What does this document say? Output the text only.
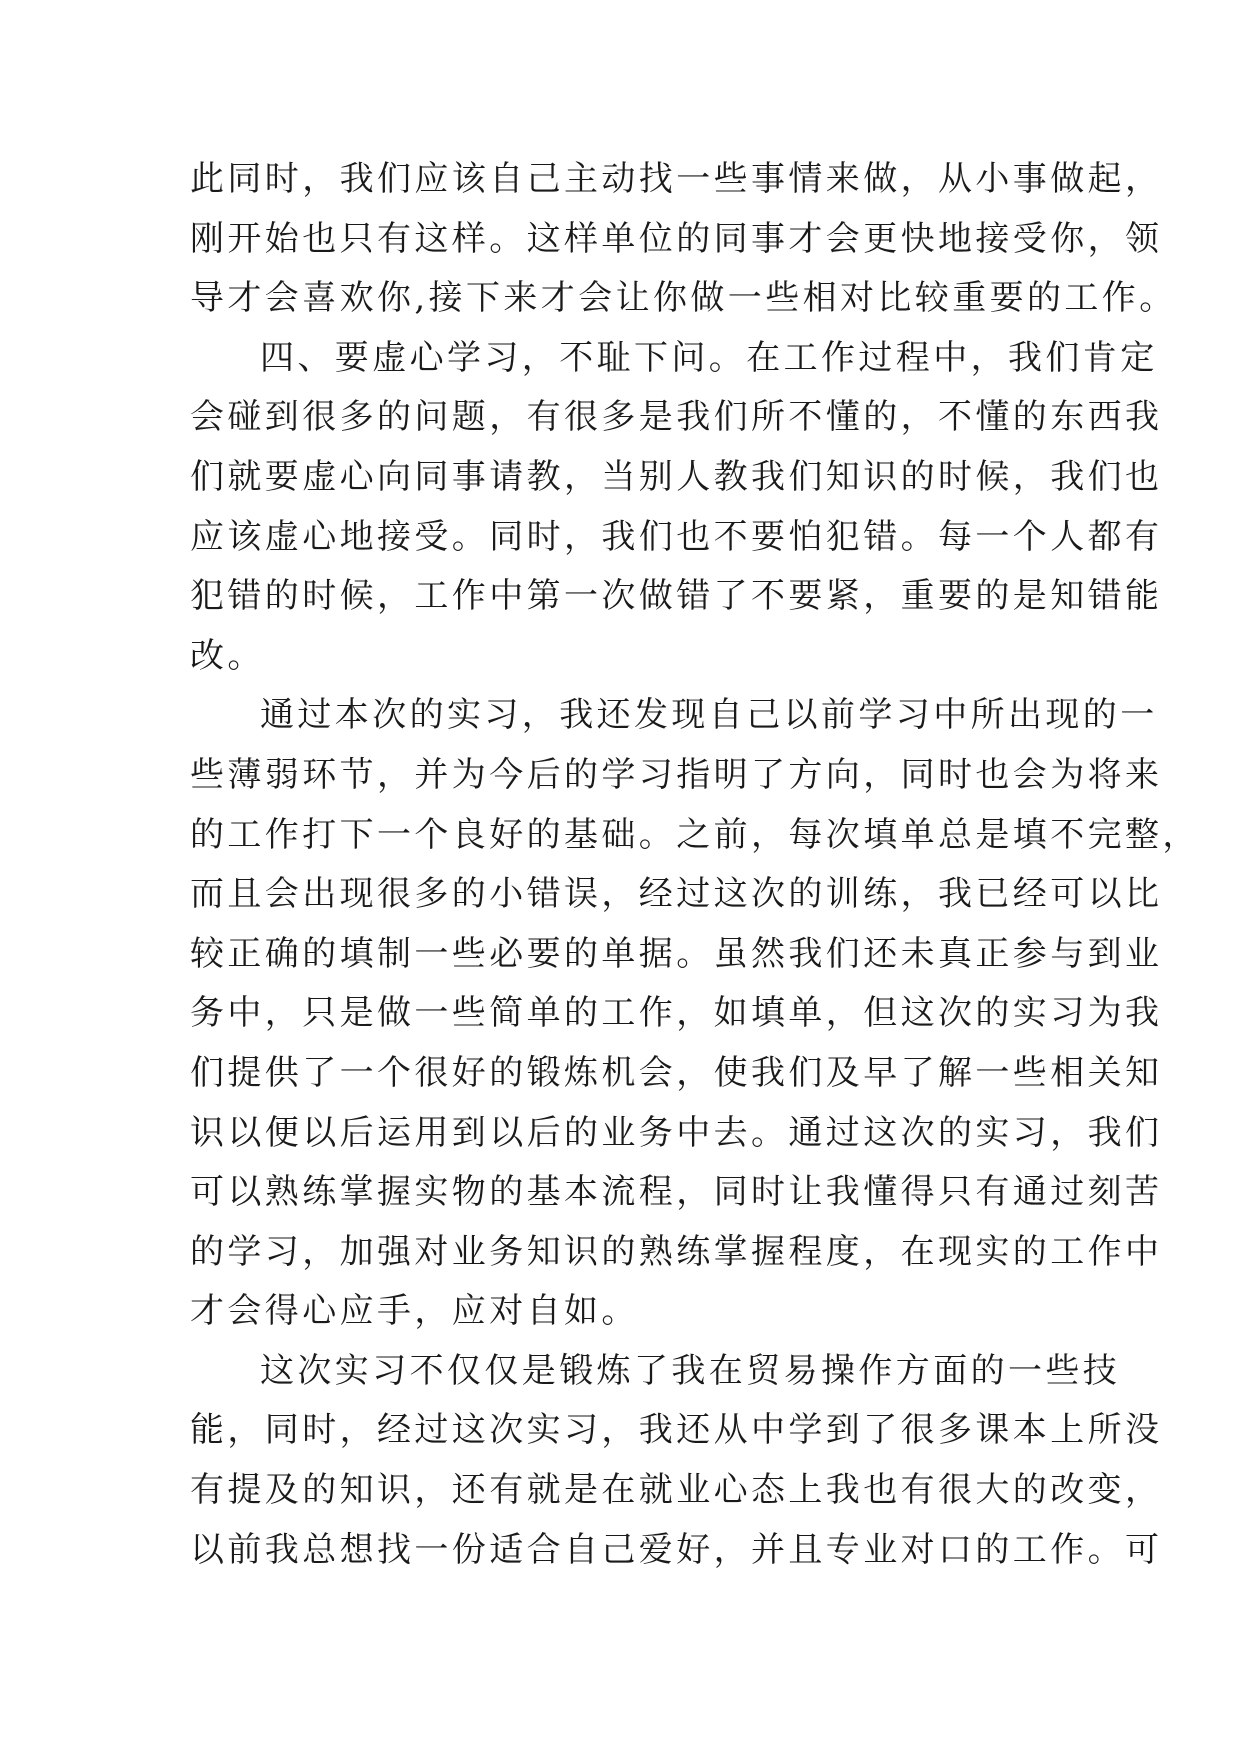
此同时，我们应该自己主动找一些事情来做，从小事做起，
刚开始也只有这样。这样单位的同事才会更快地接受你，领
导才会喜欢你,接下来才会让你做一些相对比较重要的工作。
四、要虚心学习，不耻下问。在工作过程中，我们肯定
会碰到很多的问题，有很多是我们所不懂的，不懂的东西我
们就要虚心向同事请教，当别人教我们知识的时候，我们也
应该虚心地接受。同时，我们也不要怕犯错。每一个人都有
犯错的时候，工作中第一次做错了不要紧，重要的是知错能
改。
通过本次的实习，我还发现自己以前学习中所出现的一
些薄弱环节，并为今后的学习指明了方向，同时也会为将来
的工作打下一个良好的基础。之前，每次填单总是填不完整，
而且会出现很多的小错误，经过这次的训练，我已经可以比
较正确的填制一些必要的单据。虽然我们还未真正参与到业
务中，只是做一些简单的工作，如填单，但这次的实习为我
们提供了一个很好的锻炼机会，使我们及早了解一些相关知
识以便以后运用到以后的业务中去。通过这次的实习，我们
可以熟练掌握实物的基本流程，同时让我懂得只有通过刻苦
的学习，加强对业务知识的熟练掌握程度，在现实的工作中
才会得心应手，应对自如。
这次实习不仅仅是锻炼了我在贸易操作方面的一些技
能，同时，经过这次实习，我还从中学到了很多课本上所没
有提及的知识，还有就是在就业心态上我也有很大的改变，
以前我总想找一份适合自己爱好，并且专业对口的工作。可
